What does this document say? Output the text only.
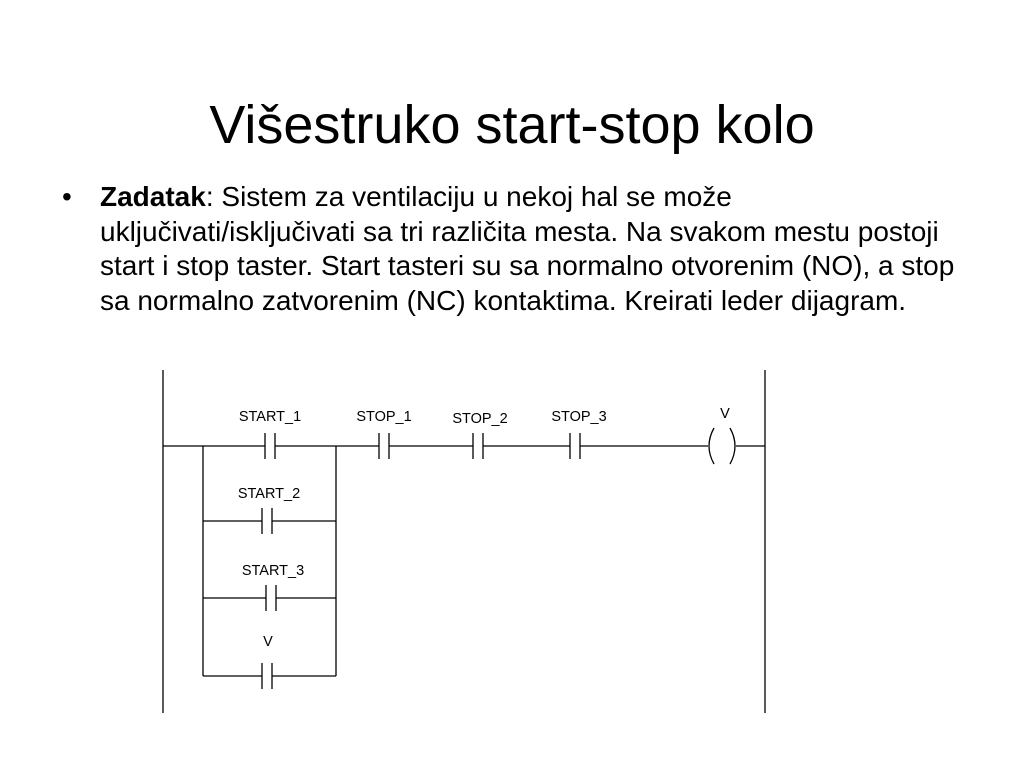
Višestruko start-stop kolo
• Zadatak: Sistem za ventilaciju u nekoj hal se može uključivati/isključivati sa tri različita mesta. Na svakom mestu postoji start i stop taster. Start tasteri su sa normalno otvorenim (NO), a stop sa normalno zatvorenim (NC) kontaktima. Kreirati leder dijagram.
START_1	STOP_1	STOP_2	STOP_3	V
START_2
START_3
V
